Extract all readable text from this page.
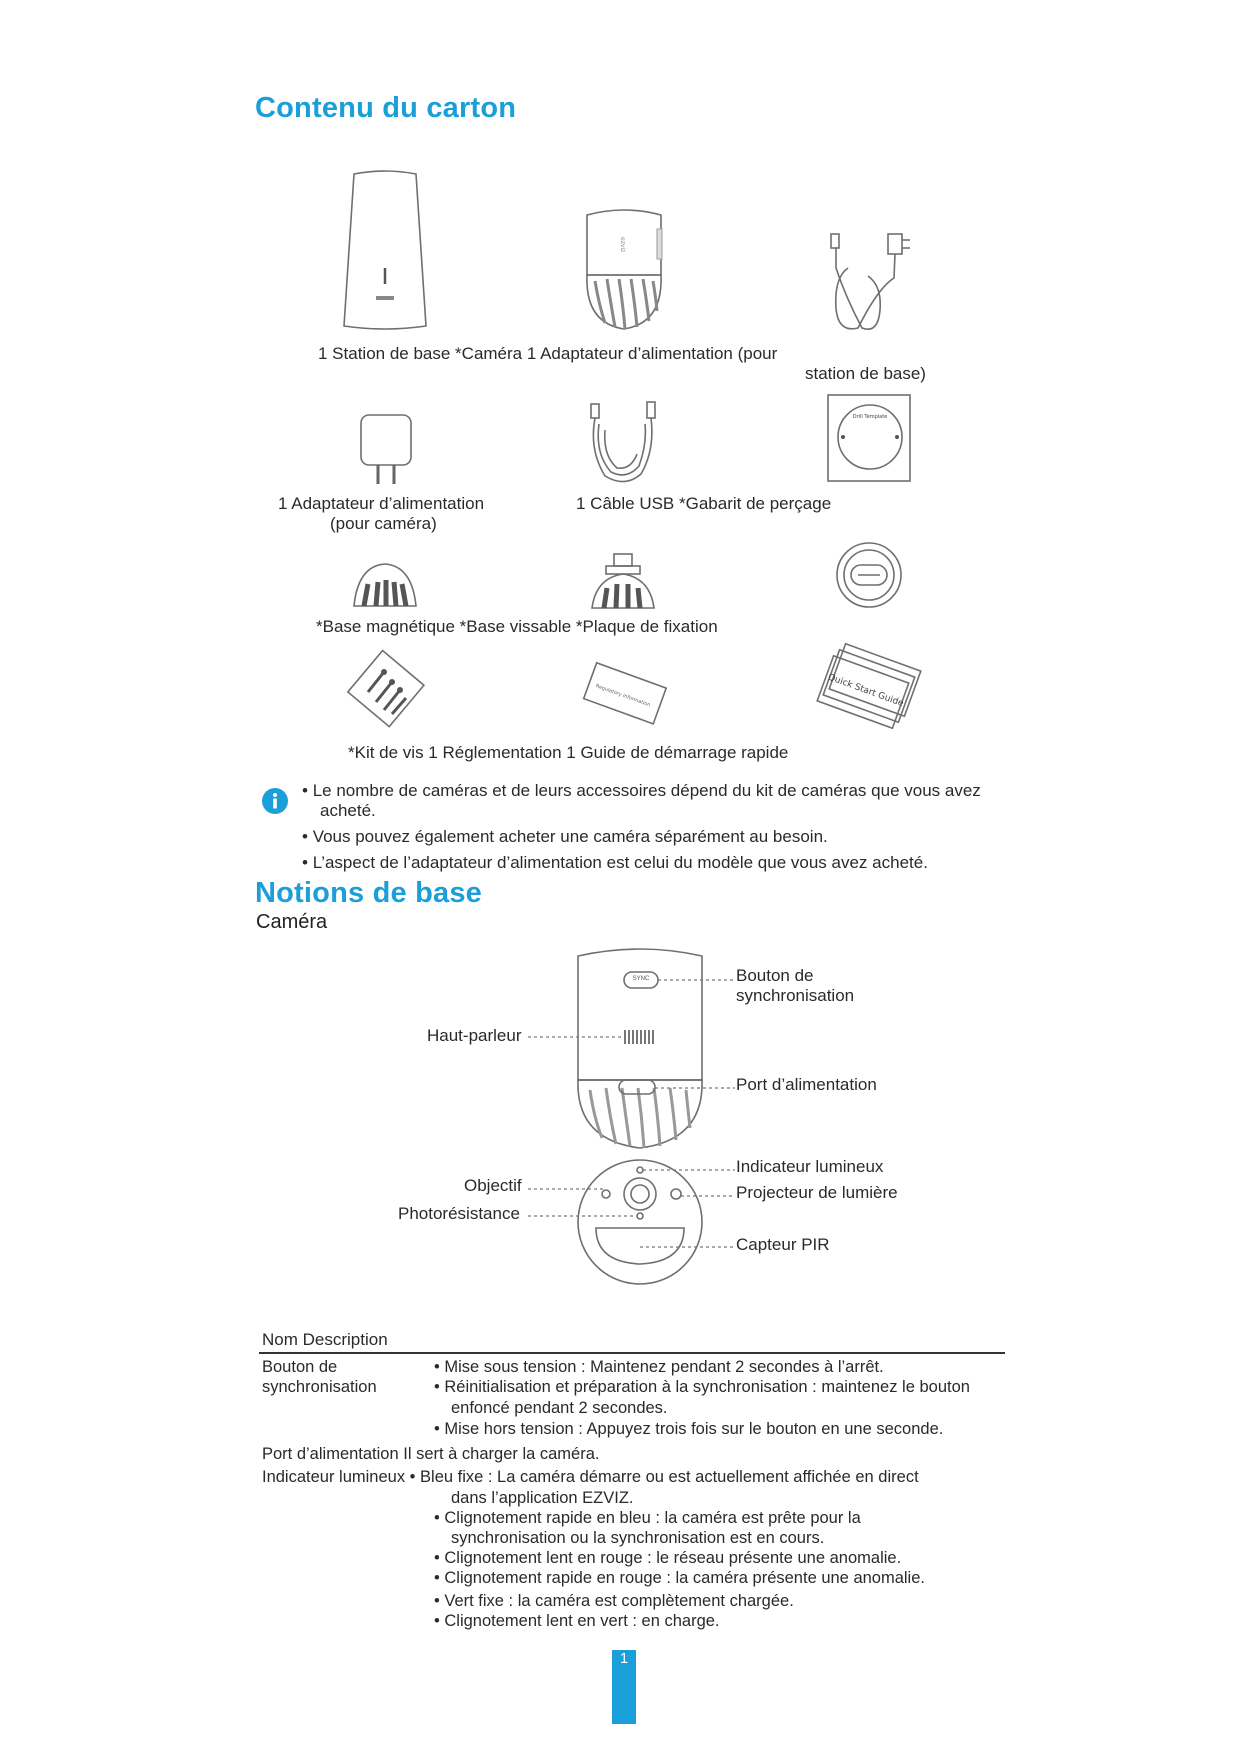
Contenu du carton
ezviz
1 Station de base *Caméra 1 Adaptateur d’alimentation (pour
station de base)
Drill Template
1 Adaptateur d’alimentation
(pour caméra)
1 Câble USB *Gabarit de perçage
*Base magnétique *Base vissable *Plaque de fixation
Regulatory Information	Quick Start Guide
*Kit de vis 1 Réglementation 1 Guide de démarrage rapide
• Le nombre de caméras et de leurs accessoires dépend du kit de caméras que vous avez
acheté.
• Vous pouvez également acheter une caméra séparément au besoin.
• L’aspect de l’adaptateur d’alimentation est celui du modèle que vous avez acheté.
Notions de base
Caméra
Bouton de
synchronisation
Haut-parleur
Port d’alimentation
Indicateur lumineux
Objectif	Projecteur de lumière
Photorésistance
Capteur PIR
SYNC
Nom Description
Bouton de
synchronisation
• Mise sous tension : Maintenez pendant 2 secondes à l’arrêt.
• Réinitialisation et préparation à la synchronisation : maintenez le bouton
enfoncé pendant 2 secondes.
• Mise hors tension : Appuyez trois fois sur le bouton en une seconde.
Port d’alimentation Il sert à charger la caméra.
Indicateur lumineux • Bleu fixe : La caméra démarre ou est actuellement affichée en direct
dans l’application EZVIZ.
• Clignotement rapide en bleu : la caméra est prête pour la
synchronisation ou la synchronisation est en cours.
• Clignotement lent en rouge : le réseau présente une anomalie.
• Clignotement rapide en rouge : la caméra présente une anomalie.
• Vert fixe : la caméra est complètement chargée.
• Clignotement lent en vert : en charge.
1
